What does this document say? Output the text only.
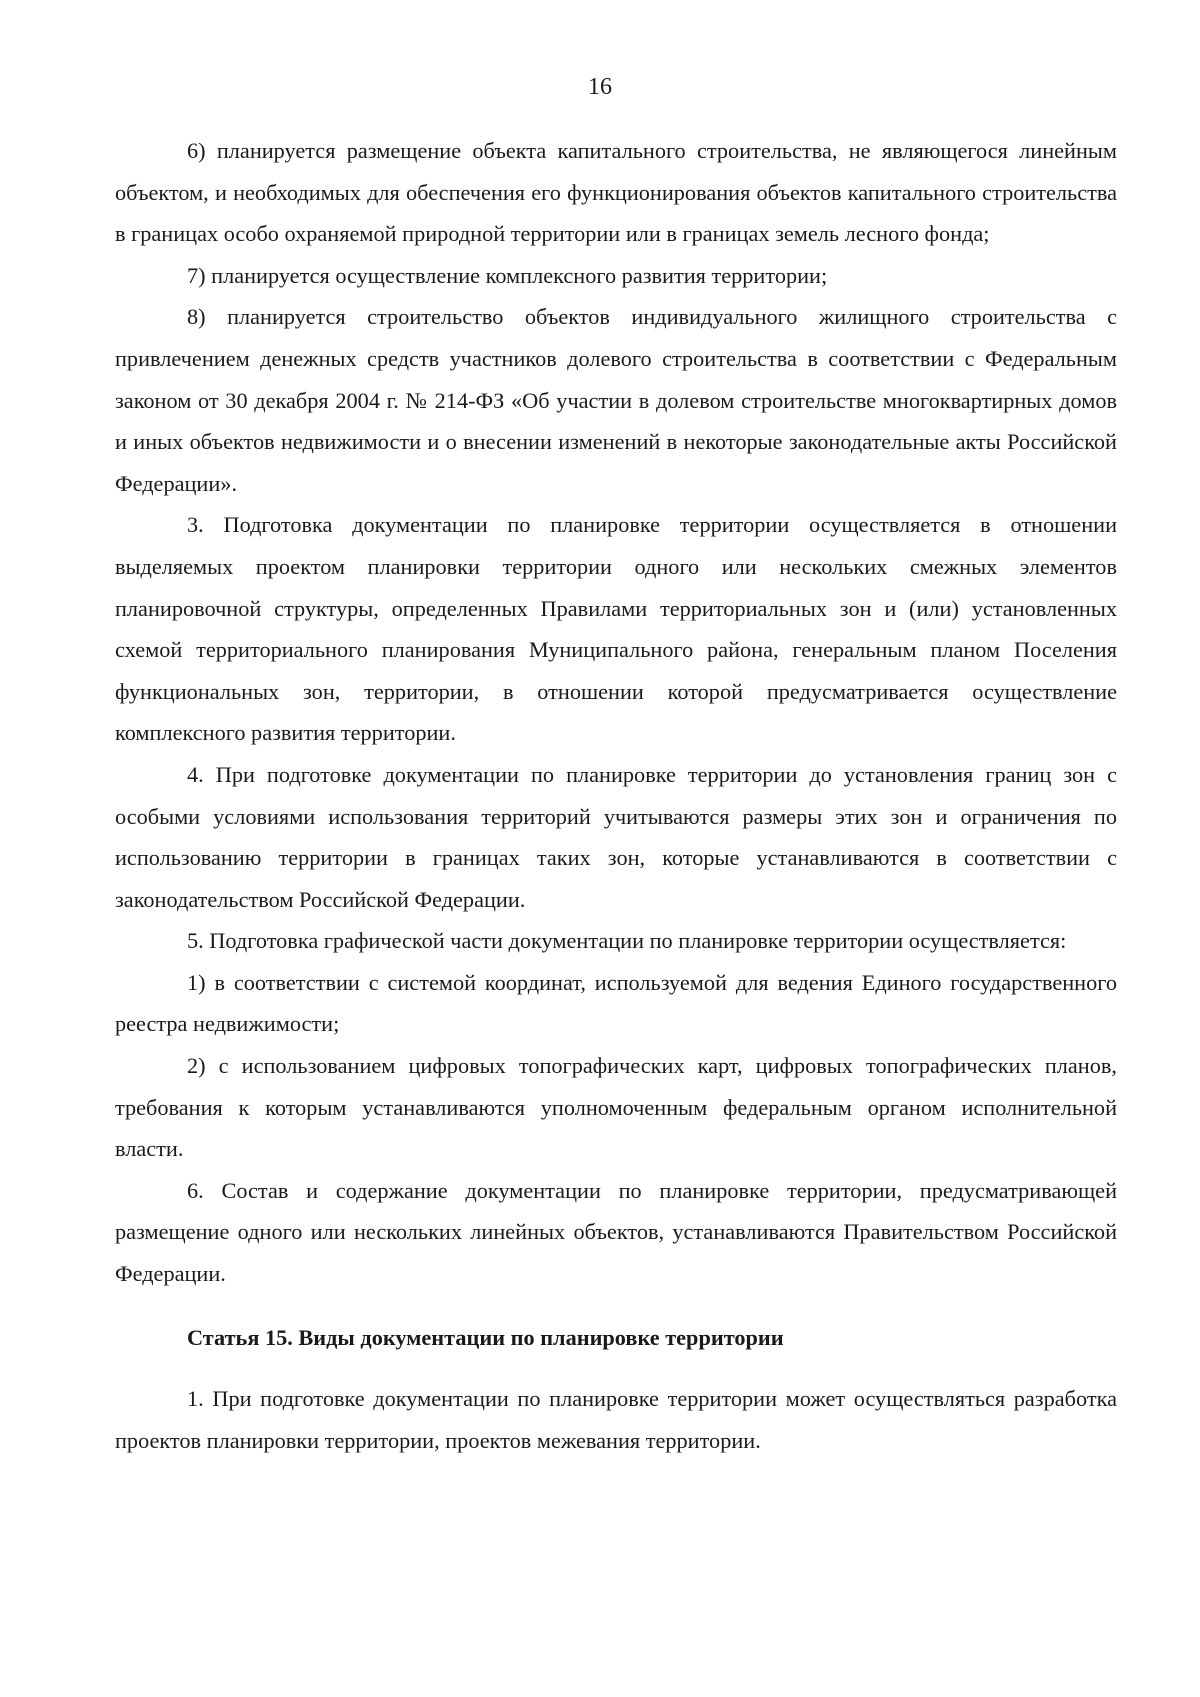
16

6) планируется размещение объекта капитального строительства, не являющегося линейным объектом, и необходимых для обеспечения его функционирования объектов капитального строительства в границах особо охраняемой природной территории или в границах земель лесного фонда;

7) планируется осуществление комплексного развития территории;

8) планируется строительство объектов индивидуального жилищного строительства с привлечением денежных средств участников долевого строительства в соответствии с Федеральным законом от 30 декабря 2004 г. № 214-ФЗ «Об участии в долевом строительстве многоквартирных домов и иных объектов недвижимости и о внесении изменений в некоторые законодательные акты Российской Федерации».

3. Подготовка документации по планировке территории осуществляется в отношении выделяемых проектом планировки территории одного или нескольких смежных элементов планировочной структуры, определенных Правилами территориальных зон и (или) установленных схемой территориального планирования Муниципального района, генеральным планом Поселения функциональных зон, территории, в отношении которой предусматривается осуществление комплексного развития территории.

4. При подготовке документации по планировке территории до установления границ зон с особыми условиями использования территорий учитываются размеры этих зон и ограничения по использованию территории в границах таких зон, которые устанавливаются в соответствии с законодательством Российской Федерации.

5. Подготовка графической части документации по планировке территории осуществляется:

1) в соответствии с системой координат, используемой для ведения Единого государственного реестра недвижимости;

2) с использованием цифровых топографических карт, цифровых топографических планов, требования к которым устанавливаются уполномоченным федеральным органом исполнительной власти.

6. Состав и содержание документации по планировке территории, предусматривающей размещение одного или нескольких линейных объектов, устанавливаются Правительством Российской Федерации.

Статья 15. Виды документации по планировке территории

1. При подготовке документации по планировке территории может осуществляться разработка проектов планировки территории, проектов межевания территории.
